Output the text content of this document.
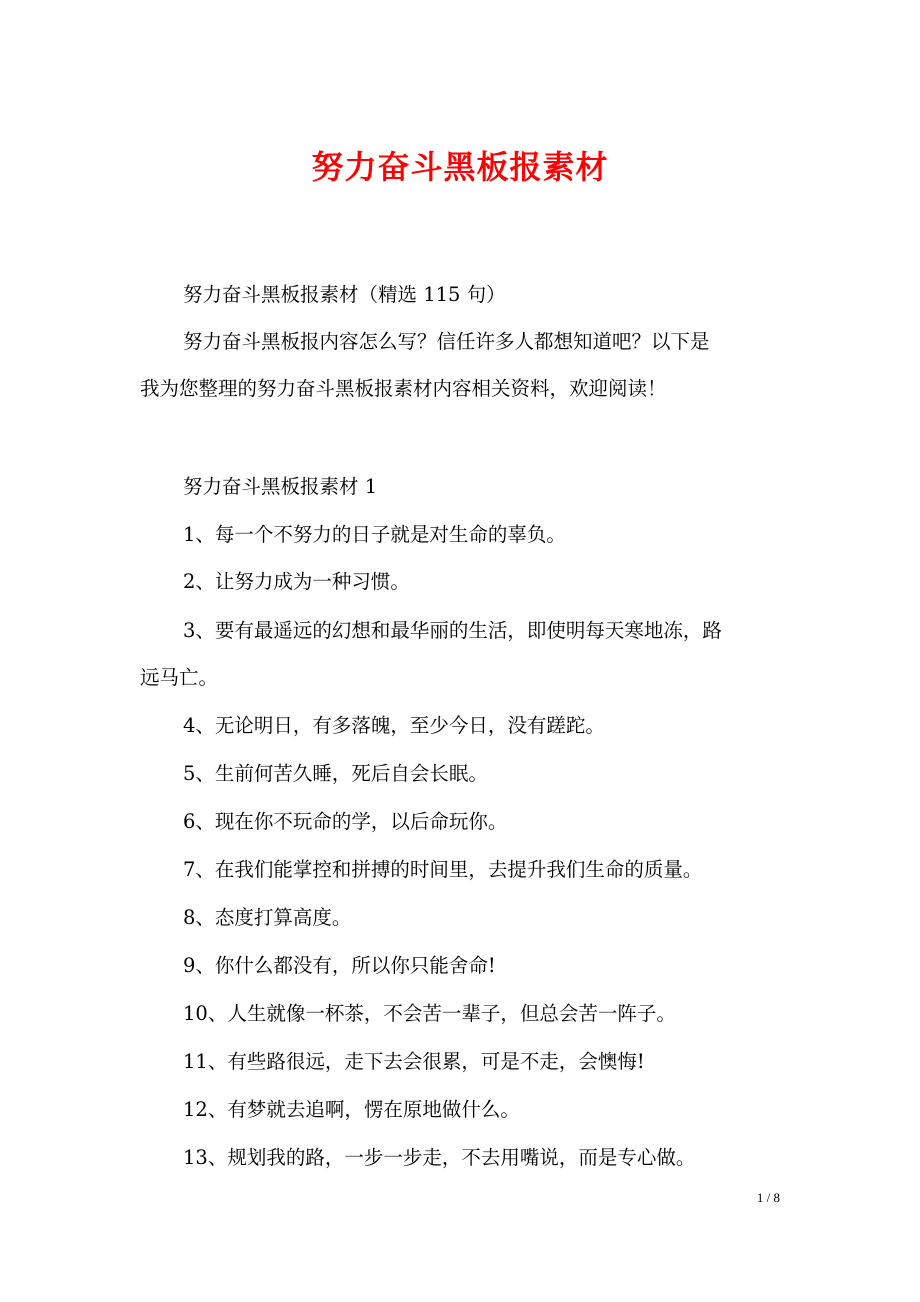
努力奋斗黑板报素材
努力奋斗黑板报素材（精选 115 句）
努力奋斗黑板报内容怎么写？信任许多人都想知道吧？以下是
我为您整理的努力奋斗黑板报素材内容相关资料，欢迎阅读！
努力奋斗黑板报素材 1
1、每一个不努力的日子就是对生命的辜负。
2、让努力成为一种习惯。
3、要有最遥远的幻想和最华丽的生活，即使明每天寒地冻，路
远马亡。
4、无论明日，有多落魄，至少今日，没有蹉跎。
5、生前何苦久睡，死后自会长眠。
6、现在你不玩命的学，以后命玩你。
7、在我们能掌控和拼搏的时间里，去提升我们生命的质量。
8、态度打算高度。
9、你什么都没有，所以你只能舍命!
10、人生就像一杯茶，不会苦一辈子，但总会苦一阵子。
11、有些路很远，走下去会很累，可是不走，会懊悔!
12、有梦就去追啊，愣在原地做什么。
13、规划我的路，一步一步走，不去用嘴说，而是专心做。
1 / 8
